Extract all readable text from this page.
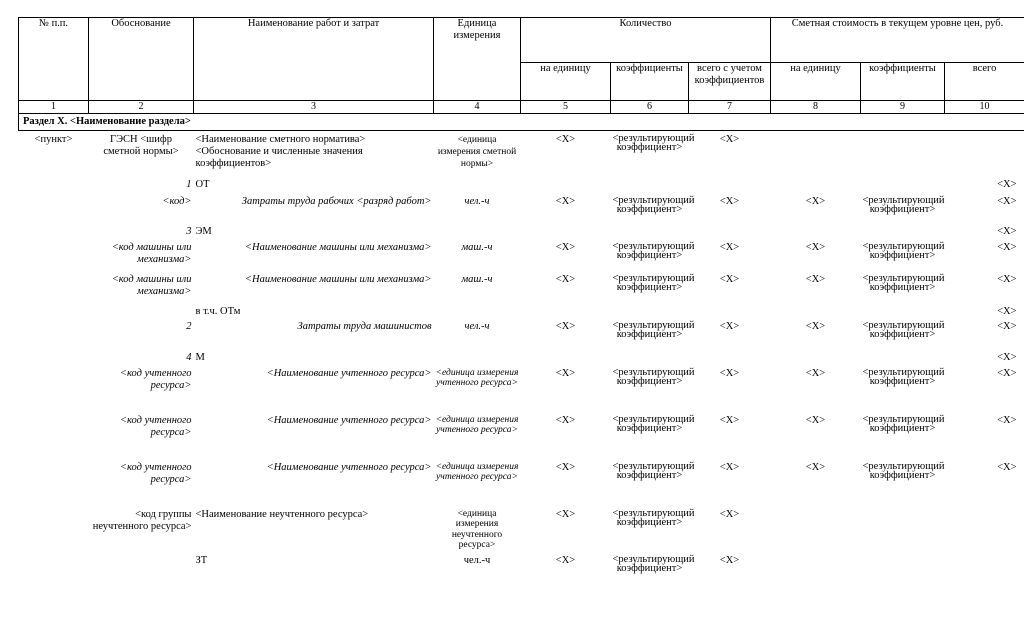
№ п.п.	Обоснование	Наименование работ и затрат	Единица измерения	Количество			Сметная стоимость в текущем уровне цен, руб.		
				на единицу	коэффициенты	всего с учетом коэффициентов	на единицу	коэффициенты	всего
1	2	3	4	5	6	7	8	9	10
Раздел X. <Наименование раздела>									
<пункт>	ГЭСН <шифр сметной нормы>	<Наименование сметного норматива> <Обоснование и численные значения коэффициентов>	<единица измерения сметной нормы>	<X>	<результирующий коэффициент>	<X>			
	1	ОТ							<X>
	<код>	Затраты труда рабочих <разряд работ>	чел.-ч	<X>	<результирующий коэффициент>	<X>	<X>	<результирующий коэффициент>	<X>
	3	ЭМ							<X>
	<код машины или механизма>	<Наименование машины или механизма>	маш.-ч	<X>	<результирующий коэффициент>	<X>	<X>	<результирующий коэффициент>	<X>
	<код машины или механизма>	<Наименование машины или механизма>	маш.-ч	<X>	<результирующий коэффициент>	<X>	<X>	<результирующий коэффициент>	<X>
		в т.ч. ОТм							<X>
	2	Затраты труда машинистов	чел.-ч	<X>	<результирующий коэффициент>	<X>	<X>	<результирующий коэффициент>	<X>
	4	М							<X>
	<код учтенного ресурса>	<Наименование учтенного ресурса>	<единица измерения учтенного ресурса>	<X>	<результирующий коэффициент>	<X>	<X>	<результирующий коэффициент>	<X>
	<код учтенного ресурса>	<Наименование учтенного ресурса>	<единица измерения учтенного ресурса>	<X>	<результирующий коэффициент>	<X>	<X>	<результирующий коэффициент>	<X>
	<код учтенного ресурса>	<Наименование учтенного ресурса>	<единица измерения учтенного ресурса>	<X>	<результирующий коэффициент>	<X>	<X>	<результирующий коэффициент>	<X>
	<код группы неучтенного ресурса>	<Наименование неучтенного ресурса>	<единица измерения неучтенного ресурса>	<X>	<результирующий коэффициент>	<X>			
		ЗТ	чел.-ч	<X>	<результирующий коэффициент>	<X>			
